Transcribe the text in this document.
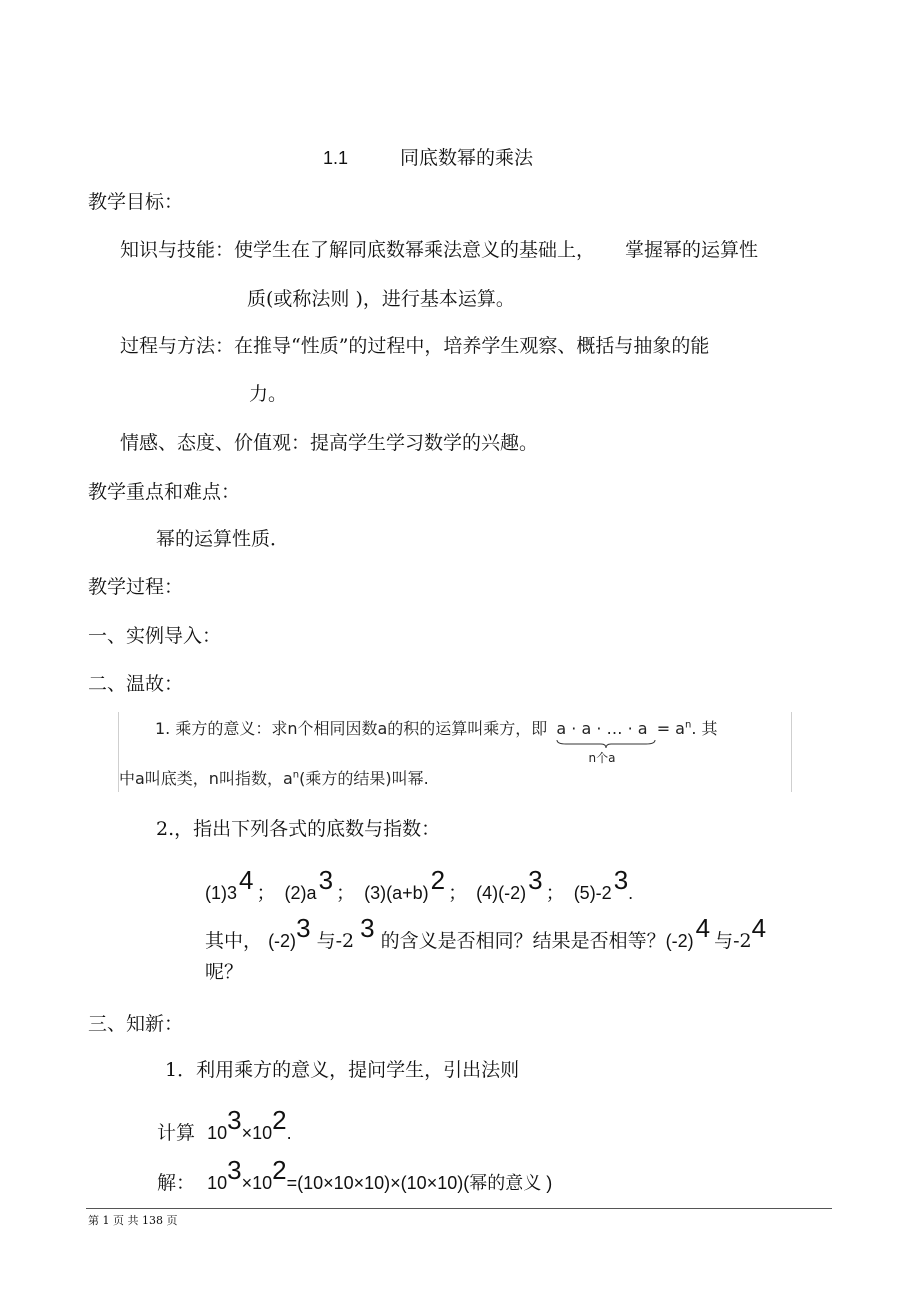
1.1	同底数幂的乘法
教学目标：
知识与技能：使学生在了解同底数幂乘法意义的基础上， 掌握幂的运算性
质(或称法则 )，进行基本运算。
过程与方法：在推导“性质”的过程中，培养学生观察、概括与抽象的能
力。
情感、态度、价值观：提高学生学习数学的兴趣。
教学重点和难点：
幂的运算性质．
教学过程：
一、实例导入：
二、温故：
1. 乘方的意义：求n个相同因数a的积的运算叫乘方，即 a · a · … · a
n个a
= $a^n$. 其
中a叫底类，n叫指数，$a^n$(乘方的结果)叫幂.
2.，指出下列各式的底数与指数：
(1)34 ； (2)a3 ； (3)(a+b)2 ； (4)(-2)3 ； (5)-23.
其中， (-2)3 与-2 3 的含义是否相同？结果是否相等？(-2)4 与-24
呢？
三、知新：
1．利用乘方的意义，提问学生，引出法则
计算 103×102.
解： 103×102=(10×10×10)×(10×10)(幂的意义 )
第 1 页 共 138 页
